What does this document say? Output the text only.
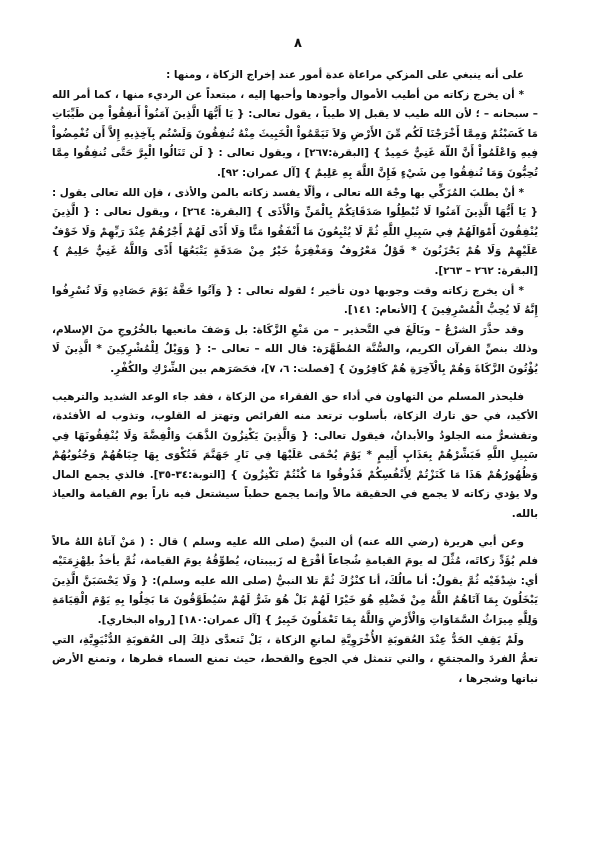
٨

على أنه ينبغي على المزكي مراعاة عدة أمور عند إخراج الزكاة ، ومنها :

* أن يخرج زكاته من أطيب الأموال وأجودها وأحبها إليه ، مبتعداً عن الرديء منها ، كما أمر الله – سبحانه – ؛ لأن الله طيب لا يقبل إلا طيباً ، يقول تعالى: { يَا أَيُّهَا الَّذِينَ آمَنُواْ أَنفِقُواْ مِن طَيِّبَاتِ مَا كَسَبْتُمْ وَمِمَّا أَخْرَجْنَا لَكُم مِّنَ الأَرْضِ وَلاَ تَيَمَّمُواْ الْخَبِيثَ مِنْهُ تُنفِقُونَ وَلَسْتُم بِآخِذِيهِ إِلاَّ أَن تُغْمِضُواْ فِيهِ وَاعْلَمُواْ أَنَّ اللّهَ غَنِيٌّ حَمِيدٌ } [البقرة:٢٦٧] ، ويقول تعالى : { لَن تَنَالُوا الْبِرَّ حَتَّى تُنفِقُوا مِمَّا تُحِبُّونَ وَمَا تُنفِقُوا مِن شَيْءٍ فَإِنَّ اللَّهَ بِهِ عَلِيمٌ } [آل عمران: ٩٢].

* أنْ يطلبَ المُزَكِّي بها وجْهَ الله تعالى ، وألّا يفسد زكاته بالمن والأذى ، فإن الله تعالى يقول : { يَا أَيُّهَا الَّذِينَ آمَنُوا لَا تُبْطِلُوا صَدَقَاتِكُمْ بِالْمَنِّ وَالْأَذَى } [البقرة: ٢٦٤] ، ويقول تعالى : { الَّذِينَ يُنْفِقُونَ أَمْوَالَهُمْ فِي سَبِيلِ اللَّهِ ثُمَّ لَا يُتْبِعُونَ مَا أَنْفَقُوا مَنًّا وَلَا أَذًى لَهُمْ أَجْرُهُمْ عِنْدَ رَبِّهِمْ وَلَا خَوْفٌ عَلَيْهِمْ وَلَا هُمْ يَحْزَنُونَ * قَوْلٌ مَعْرُوفٌ وَمَغْفِرَةٌ خَيْرٌ مِنْ صَدَقَةٍ يَتْبَعُهَا أَذًى وَاللَّهُ غَنِيٌّ حَلِيمٌ } [البقرة: ٢٦٢ – ٢٦٣].

* أن يخرج زكاته وقت وجوبها دون تأخير ؛ لقوله تعالى : { وَآتُوا حَقَّهُ يَوْمَ حَصَادِهِ وَلَا تُسْرِفُوا إِنَّهُ لَا يُحِبُّ الْمُسْرِفِينَ } [الأنعام: ١٤١].

وقد حذَّرَ الشرْعُ – وبَالَغَ في التَّحذير – من مَنْعِ الزَّكَاة: بل وَصَفَ مانعيها بالخُرُوجِ منَ الإسلام، وذلك بنصِّ القرآن الكريم، والسُّنَّة المُطَهَّرَة: قال الله – تعالى –: { وَوَيْلٌ لِلْمُشْرِكِينَ * الَّذِينَ لَا يُؤْتُونَ الزَّكَاةَ وَهُمْ بِالْآخِرَةِ هُمْ كَافِرُونَ } [فصلت: ٦، ٧]، فحَصَرَهم بين الشِّرْكِ والكُفْرِ.

فليحذر المسلم من التهاون في أداء حق الفقراء من الزكاة ، فقد جاء الوعد الشديد والترهيب الأكيد، في حق تارك الزكاة، بأسلوب ترتعد منه الفرائص وتهتز له القلوب، وتذوب له الأفئدة، وتقشعرُّ منه الجلودُ والأبدانُ، فيقول تعالى: { وَالَّذِينَ يَكْنِزُونَ الذَّهَبَ وَالْفِضَّةَ وَلَا يُنْفِقُونَهَا فِي سَبِيلِ اللَّهِ فَبَشِّرْهُمْ بِعَذَابٍ أَلِيمٍ * يَوْمَ يُحْمَى عَلَيْهَا فِي نَارِ جَهَنَّمَ فَتُكْوَى بِهَا جِبَاهُهُمْ وَجُنُوبُهُمْ وَظُهُورُهُمْ هَذَا مَا كَنَزْتُمْ لِأَنْفُسِكُمْ فَذُوقُوا مَا كُنْتُمْ تَكْنِزُونَ } [التوبة:٣٤-٣٥]. فالذي يجمع المال ولا يؤدي زكاته لا يجمع في الحقيقة مالاً وإنما يجمع حطباً سيشتعل فيه ناراً يوم القيامة والعياذ بالله.

وعن أبي هريرة (رضي الله عنه) أن النبيَّ (صلى الله عليه وسلم ) قال : ( مَنْ آتاهُ اللهُ مالاً فلم يُؤَدِّ زكاتَه، مُثِّلَ له يومَ القيامةِ شُجاعاً أقْرَعَ له زَبيبتان، يُطوِّقُهُ يومَ القيامة، ثُمَّ يأخذُ بلِهْزِمَتَيْه أي: شِدْقَيْه ثُمَّ يقولُ: أنا مالُكَ، أنا كنْزُكَ ثُمَّ تلا النبيُّ (صلى الله عليه وسلم): { وَلَا يَحْسَبَنَّ الَّذِينَ يَبْخَلُونَ بِمَا آتَاهُمُ اللَّهُ مِنْ فَضْلِهِ هُوَ خَيْرًا لَهُمْ بَلْ هُوَ شَرٌّ لَهُمْ سَيُطَوَّقُونَ مَا بَخِلُوا بِهِ يَوْمَ الْقِيَامَةِ وَلِلَّهِ مِيرَاثُ السَّمَاوَاتِ وَالْأَرْضِ وَاللَّهُ بِمَا تَعْمَلُونَ خَبِيرٌ } [آل عمران:١٨٠] [رواه البخاري].

ولَمْ يَقِفِ الحَدُّ عِنْدَ العُقوبَةِ الأُخْرَوِيَّةِ لمانعِ الزكاة ، بَلْ تَتعدَّى ذلِكَ إلى العُقوبَةِ الدُّنْيَوِيَّةِ، التي تعمُّ الفردَ والمجتمَعِ ، والتي تتمثل في الجوع والقحط، حيث تمنع السماء قطرها ، وتمنع الأرض نباتها وشجرها ،
